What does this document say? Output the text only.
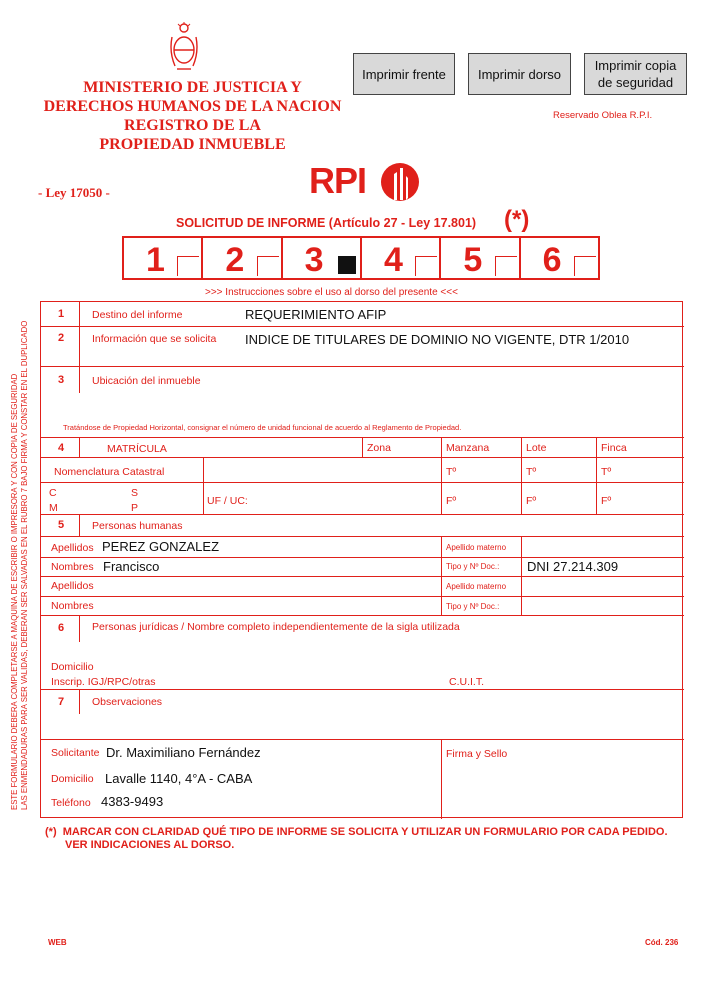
MINISTERIO DE JUSTICIA Y
DERECHOS HUMANOS DE LA NACION
REGISTRO DE LA
PROPIEDAD INMUEBLE
- Ley 17050 -	RPI
Imprimir frente	Imprimir dorso
Imprimir copia
de seguridad
Reservado Oblea R.P.I.
SOLICITUD DE INFORME (Artículo 27 - Ley 17.801) (*)
1 2 3 4 5 6
>>> Instrucciones sobre el uso al dorso del presente <<<
ESTE FORMULARIO DEBERA COMPLETARSE A MAQUINA DE ESCRIBIR O IMPRESORA Y CON COPIA DE SEGURIDAD LAS ENMENDADURAS PARA SER VALIDAS, DEBERAN SER SALVADAS EN EL RUBRO 7 BAJO FIRMA Y CONSTAR EN EL DUPLICADO
1	Destino del informe	REQUERIMIENTO AFIP
2	Información que se solicita INDICE DE TITULARES DE DOMINIO NO VIGENTE, DTR 1/2010
3	Ubicación del inmueble
Tratándose de Propiedad Horizontal, consignar el número de unidad funcional de acuerdo al Reglamento de Propiedad.
4	MATRÍCULA	Zona	Manzana	Lote	Finca
Nomenclatura Catastral	Tº	Tº	Tº
C	S
M	P
UF / UC:	Fº	Fº	Fº
5	Personas humanas
Apellidos PEREZ GONZALEZ	Apellido materno
Nombres Francisco	Tipo y Nº Doc.: DNI 27.214.309
Apellidos	Apellido materno
Nombres	Tipo y Nº Doc.:
6	Personas jurídicas / Nombre completo independientemente de la sigla utilizada
Domicilio
Inscrip. IGJ/RPC/otras	C.U.I.T.
7	Observaciones
Solicitante Dr. Maximiliano Fernández
Domicilio Lavalle 1140, 4°A - CABA
Teléfono 4383-9493
Firma y Sello
(*) MARCAR CON CLARIDAD QUÉ TIPO DE INFORME SE SOLICITA Y UTILIZAR UN FORMULARIO POR CADA PEDIDO.
VER INDICACIONES AL DORSO.
WEB	Cód. 236
